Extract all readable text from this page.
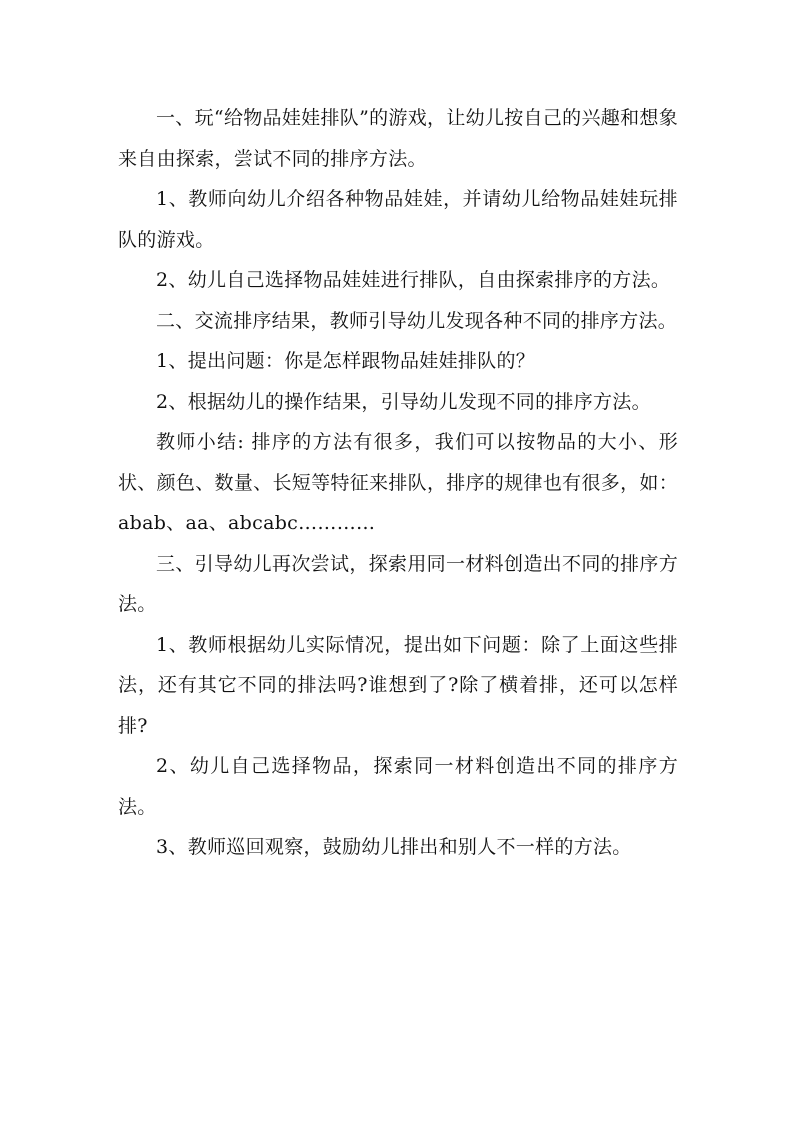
一、玩“给物品娃娃排队”的游戏，让幼儿按自己的兴趣和想象来自由探索，尝试不同的排序方法。

1、教师向幼儿介绍各种物品娃娃，并请幼儿给物品娃娃玩排队的游戏。

2、幼儿自己选择物品娃娃进行排队，自由探索排序的方法。

二、交流排序结果，教师引导幼儿发现各种不同的排序方法。

1、提出问题：你是怎样跟物品娃娃排队的？

2、根据幼儿的操作结果，引导幼儿发现不同的排序方法。

教师小结: 排序的方法有很多，我们可以按物品的大小、形状、颜色、数量、长短等特征来排队，排序的规律也有很多，如：abab、aa、abcabc…………

三、引导幼儿再次尝试，探索用同一材料创造出不同的排序方法。

1、教师根据幼儿实际情况，提出如下问题：除了上面这些排法，还有其它不同的排法吗?谁想到了?除了横着排，还可以怎样排?

2、幼儿自己选择物品，探索同一材料创造出不同的排序方法。

3、教师巡回观察，鼓励幼儿排出和别人不一样的方法。
